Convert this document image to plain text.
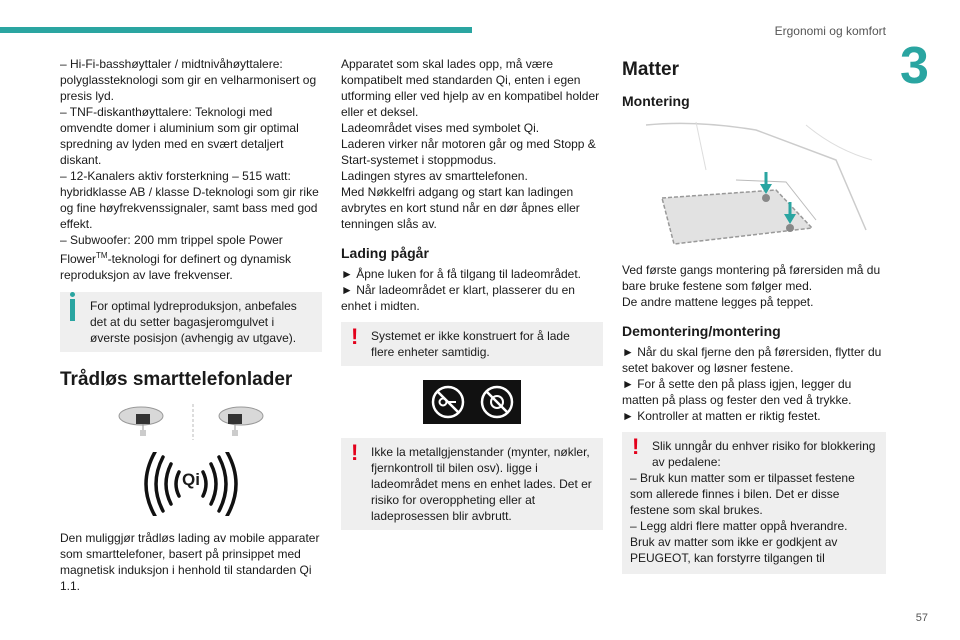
Ergonomi og komfort
3

– Hi-Fi-basshøyttaler / midtnivåhøyttalere: polyglassteknologi som gir en velharmonisert og presis lyd.

– TNF-diskanthøyttalere: Teknologi med omvendte domer i aluminium som gir optimal spredning av lyden med en svært detaljert diskant.

– 12-Kanalers aktiv forsterkning – 515 watt: hybridklasse AB / klasse D-teknologi som gir rike og fine høyfrekvenssignaler, samt bass med god effekt.

– Subwoofer: 200 mm trippel spole Power Flower™-teknologi for definert og dynamisk reproduksjon av lave frekvenser.

For optimal lydreproduksjon, anbefales det at du setter bagasjeromgulvet i øverste posisjon (avhengig av utgave).

Trådløs smarttelefonlader

Qi

Den muliggjør trådløs lading av mobile apparater som smarttelefoner, basert på prinsippet med magnetisk induksjon i henhold til standarden Qi 1.1.

Apparatet som skal lades opp, må være kompatibelt med standarden Qi, enten i egen utforming eller ved hjelp av en kompatibel holder eller et deksel.

Ladeområdet vises med symbolet Qi.

Laderen virker når motoren går og med Stopp & Start-systemet i stoppmodus.

Ladingen styres av smarttelefonen.

Med Nøkkelfri adgang og start kan ladingen avbrytes en kort stund når en dør åpnes eller tenningen slås av.

Lading pågår

► Åpne luken for å få tilgang til ladeområdet.

► Når ladeområdet er klart, plasserer du en enhet i midten.

! Systemet er ikke konstruert for å lade flere enheter samtidig.

! Ikke la metallgjenstander (mynter, nøkler, fjernkontroll til bilen osv). ligge i ladeområdet mens en enhet lades. Det er risiko for overoppheting eller at ladeprosessen blir avbrutt.

Matter

Montering

Ved første gangs montering på førersiden må du bare bruke festene som følger med.

De andre mattene legges på teppet.

Demontering/montering

► Når du skal fjerne den på førersiden, flytter du setet bakover og løsner festene.

► For å sette den på plass igjen, legger du matten på plass og fester den ved å trykke.

► Kontroller at matten er riktig festet.

! Slik unngår du enhver risiko for blokkering av pedalene:

– Bruk kun matter som er tilpasset festene som allerede finnes i bilen. Det er disse festene som skal brukes.

– Legg aldri flere matter oppå hverandre.

Bruk av matter som ikke er godkjent av PEUGEOT, kan forstyrre tilgangen til

57
